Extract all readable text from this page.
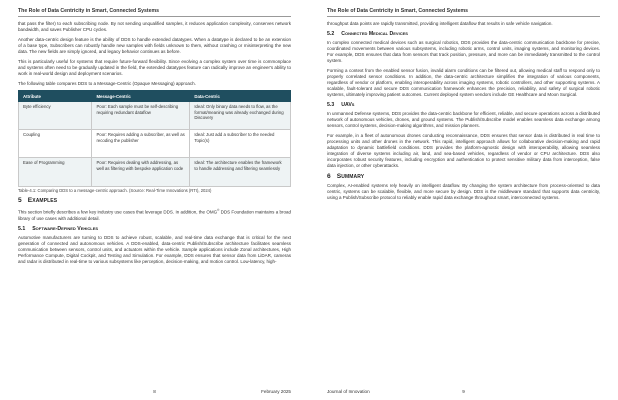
The Role of Data Centricity in Smart, Connected Systems

that pass the filter) to each subscribing node. By not sending unqualified samples, it reduces application complexity, conserves network bandwidth, and saves Publisher CPU cycles.

Another data-centric design feature is the ability of DDS to handle extended datatypes. When a datatype is declared to be an extension of a base type, Subscribers can robustly handle new samples with fields unknown to them, without crashing or misinterpreting the new data. The new fields are simply ignored, and legacy behavior continues as before.

This is particularly useful for systems that require future-forward flexibility. Since evolving a complex system over time is commonplace and systems often need to be gradually updated in the field, the extended datatypes feature can radically improve an engineer's ability to work in real-world design and deployment scenarios.

The following table compares DDS to a Message-Centric (Opaque Messaging) approach.

Attribute	Message-Centric	Data-Centric
Byte efficiency	Poor: Each sample must be self-describing requiring redundant dataflow	Ideal: Only binary data needs to flow, as the format/meaning was already exchanged during Discovery
Coupling	Poor: Requires adding a subscriber, as well as recoding the publisher	Ideal: Just add a subscriber to the needed Topic(s)
Ease of Programming	Poor: Requires dealing with addressing, as well as filtering with bespoke application code	Ideal: The architecture enables the framework to handle addressing and filtering seamlessly
Table-4.1: Comparing DDS to a message-centric approach. (Source: Real-Time Innovations (RTI), 2024)
5 Examples

This section briefly describes a few key industry use cases that leverage DDS. In addition, the OMG® DDS Foundation maintains a broad library of use cases with additional detail.

5.1 Software-Defined Vehicles

Automotive manufacturers are turning to DDS to achieve robust, scalable, and real-time data exchange that is critical for the next generation of connected and autonomous vehicles. A DDS-enabled, data-centric Publish/Subscribe architecture facilitates seamless communication between sensors, control units, and actuators within the vehicle. Sample applications include Zonal architectures, High Performance Compute, Digital Cockpit, and Testing and Simulation. For example, DDS ensures that sensor data from LiDAR, cameras and radar is distributed in real-time to various subsystems like perception, decision-making, and motion control. Low-latency, high-

8	February 2025

The Role of Data Centricity in Smart, Connected Systems

throughput data points are rapidly transmitted, providing intelligent dataflow that results in safe vehicle navigation.

5.2 Connected Medical Devices

In complex connected medical devices such as surgical robotics, DDS provides the data-centric communication backbone for precise, coordinated movements between various subsystems, including robotic arms, control units, imaging systems, and monitoring devices. For example, DDS ensures that data from sensors that track position, pressure, and more can be immediately transmitted to the control system.

Forming a context from the enabled sensor fusion, invalid alarm conditions can be filtered out, allowing medical staff to respond only to properly correlated sensor conditions. In addition, the data-centric architecture simplifies the integration of various components, regardless of vendor or platform, enabling interoperability across imaging systems, robotic controllers, and other supporting systems. A scalable, fault-tolerant and secure DDS communication framework enhances the precision, reliability, and safety of surgical robotic systems, ultimately improving patient outcomes. Current deployed system vendors include GE Healthcare and Moon Surgical.

5.3 UAVs

In unmanned Defense systems, DDS provides the data-centric backbone for efficient, reliable, and secure operations across a distributed network of autonomous vehicles, drones, and ground systems. The Publish/Subscribe model enables seamless data exchange among sensors, control systems, decision-making algorithms, and mission planners.

For example, in a fleet of autonomous drones conducting reconnaissance, DDS ensures that sensor data is distributed in real time to processing units and other drones in the network. This rapid, intelligent approach allows for collaborative decision-making and rapid adaptation to dynamic battlefield conditions. DDS provides the platform-agnostic design with interoperability, allowing seamless integration of diverse systems including air, land, and sea-based vehicles, regardless of vendor or CPU architecture. DDS also incorporates robust security features, including encryption and authentication to protect sensitive military data from interception, false data injection, or other cyberattacks.

6 Summary

Complex, AI-enabled systems rely heavily on intelligent dataflow. By changing the system architecture from process-oriented to data centric, systems can be scalable, flexible, and more secure by design. DDS is the middleware standard that supports data centricity, using a Publish/Subscribe protocol to reliably enable rapid data exchange throughout smart, interconnected systems.

Journal of Innovation	9
